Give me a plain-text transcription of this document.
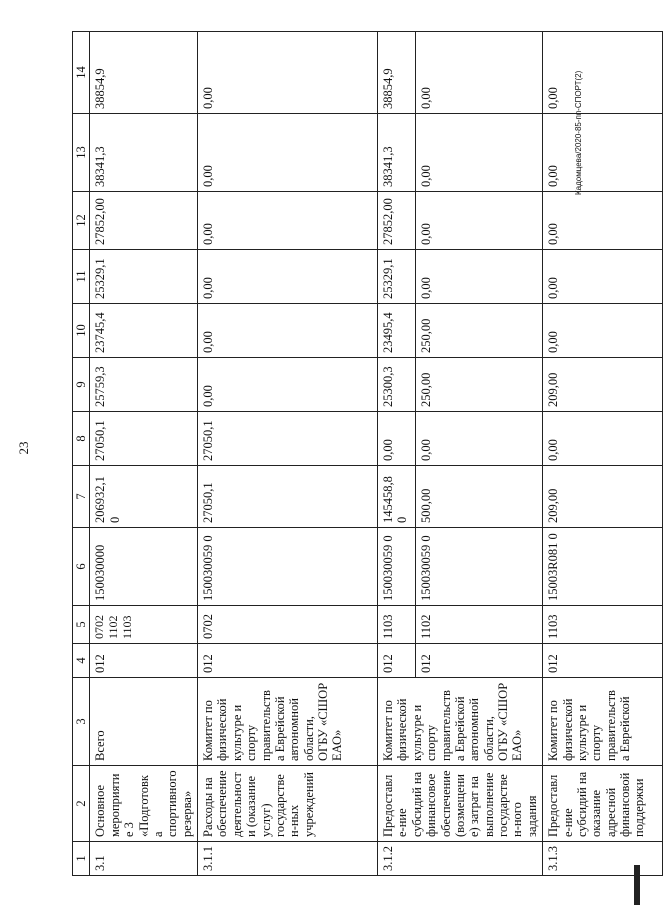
23
1	2	3	4	5	6	7	8	9	10	11	12	13	14
3.1	Основное мероприятие 3 «Подготовка спортивного резерва»	Всего	012	0702 1102 1103	150030000	206932,10	27050,1	25759,3	23745,4	25329,1	27852,00	38341,3	38854,9
3.1.1	Расходы на обеспечение деятельности (оказание услуг) государствен-ных учреждений	Комитет по физической культуре и спорту правительств а Еврейской автономной области, ОГБУ «СШОР ЕАО»	012	0702	150030059 0	27050,1	27050,1	0,00	0,00	0,00	0,00	0,00	0,00
3.1.2	Предоставле-ние субсидий на финансовое обеспечение (возмещение) затрат на выполнение государствен-ного задания	Комитет по физической культуре и спорту правительств а Еврейской автономной области, ОГБУ «СШОР ЕАО»	012	1103	150030059 0	145458,80	0,00	25300,3	23495,4	25329,1	27852,00	38341,3	38854,9
			012	1102	150030059 0	500,00	0,00	250,00	250,00	0,00	0,00	0,00	0,00
3.1.3	Предоставле-ние субсидий на оказание адресной финансовой поддержки	Комитет по физической культуре и спорту правительств а Еврейской	012	1103	15003R081 0	209,00	0,00	209,00	0,00	0,00	0,00	0,00	0,00 Кадомцева/2020-85-пп-СПОРТ(2)
